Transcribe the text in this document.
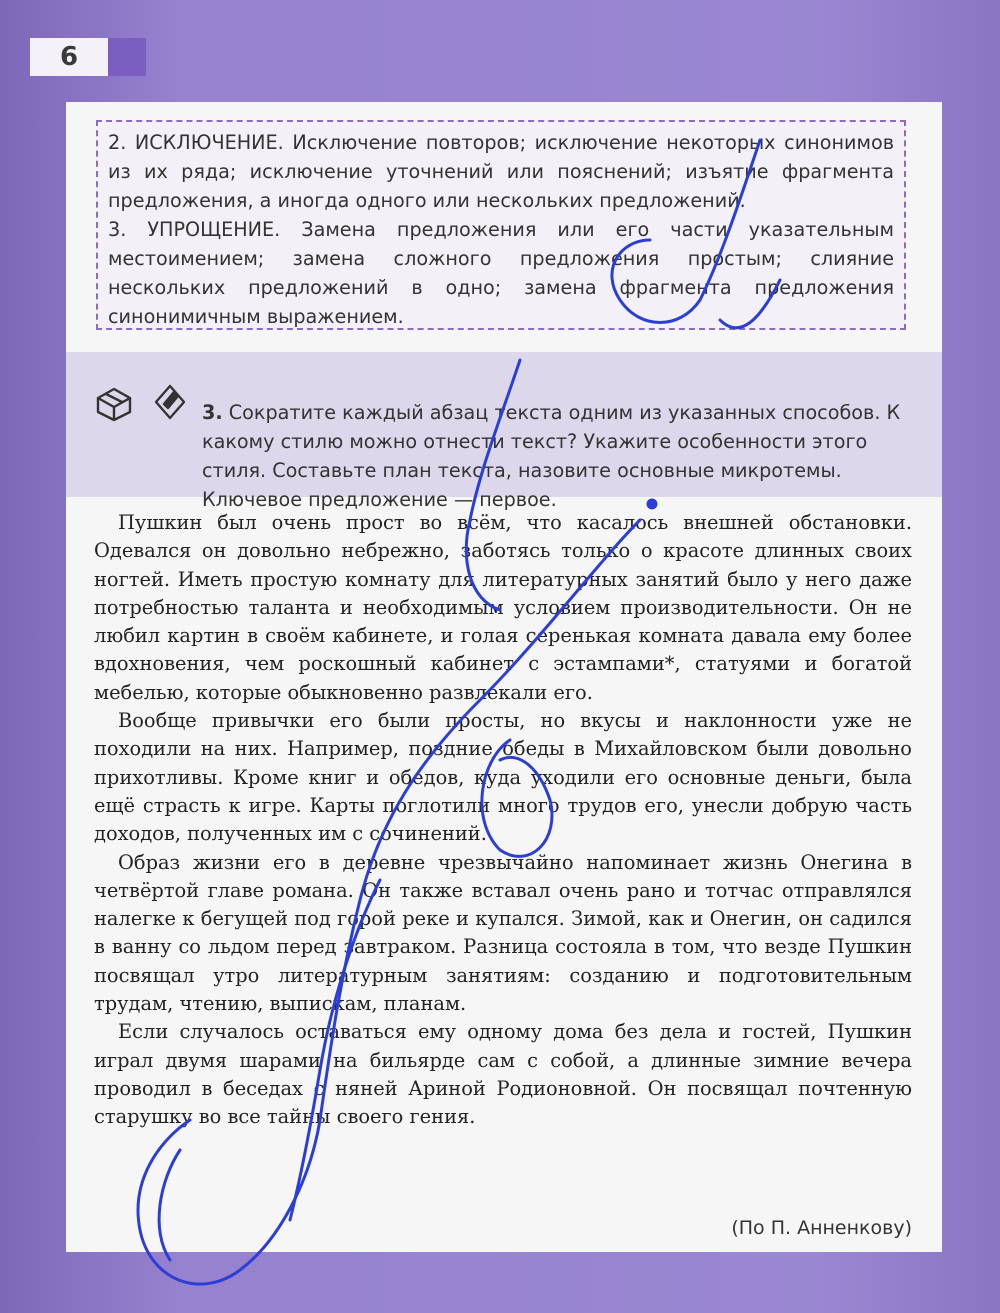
6

2. ИСКЛЮЧЕНИЕ. Исключение повторов; исключение некоторых синонимов из их ряда; исключение уточнений или пояснений; изъятие фрагмента предложения, а иногда одного или нескольких предложений.

3. УПРОЩЕНИЕ. Замена предложения или его части указательным местоимением; замена сложного предложения простым; слияние нескольких предложений в одно; замена фрагмента предложения синонимичным выражением.

3. Сократите каждый абзац текста одним из указанных способов. К какому стилю можно отнести текст? Укажите особенности этого стиля. Составьте план текста, назовите основные микротемы. Ключевое предложение — первое.

Пушкин был очень прост во всём, что касалось внешней обстановки. Одевался он довольно небрежно, заботясь только о красоте длинных своих ногтей. Иметь простую комнату для литературных занятий было у него даже потребностью таланта и необходимым условием производительности. Он не любил картин в своём кабинете, и голая серенькая комната давала ему более вдохновения, чем роскошный кабинет с эстампами*, статуями и богатой мебелью, которые обыкновенно развлекали его.

Вообще привычки его были просты, но вкусы и наклонности уже не походили на них. Например, поздние обеды в Михайловском были довольно прихотливы. Кроме книг и обедов, куда уходили его основные деньги, была ещё страсть к игре. Карты поглотили много трудов его, унесли добрую часть доходов, полученных им с сочинений.

Образ жизни его в деревне чрезвычайно напоминает жизнь Онегина в четвёртой главе романа. Он также вставал очень рано и тотчас отправлялся налегке к бегущей под горой реке и купался. Зимой, как и Онегин, он садился в ванну со льдом перед завтраком. Разница состояла в том, что везде Пушкин посвящал утро литературным занятиям: созданию и подготовительным трудам, чтению, выпискам, планам.

Если случалось оставаться ему одному дома без дела и гостей, Пушкин играл двумя шарами на бильярде сам с собой, а длинные зимние вечера проводил в беседах с няней Ариной Родионовной. Он посвящал почтенную старушку во все тайны своего гения.

(По П. Анненкову)
